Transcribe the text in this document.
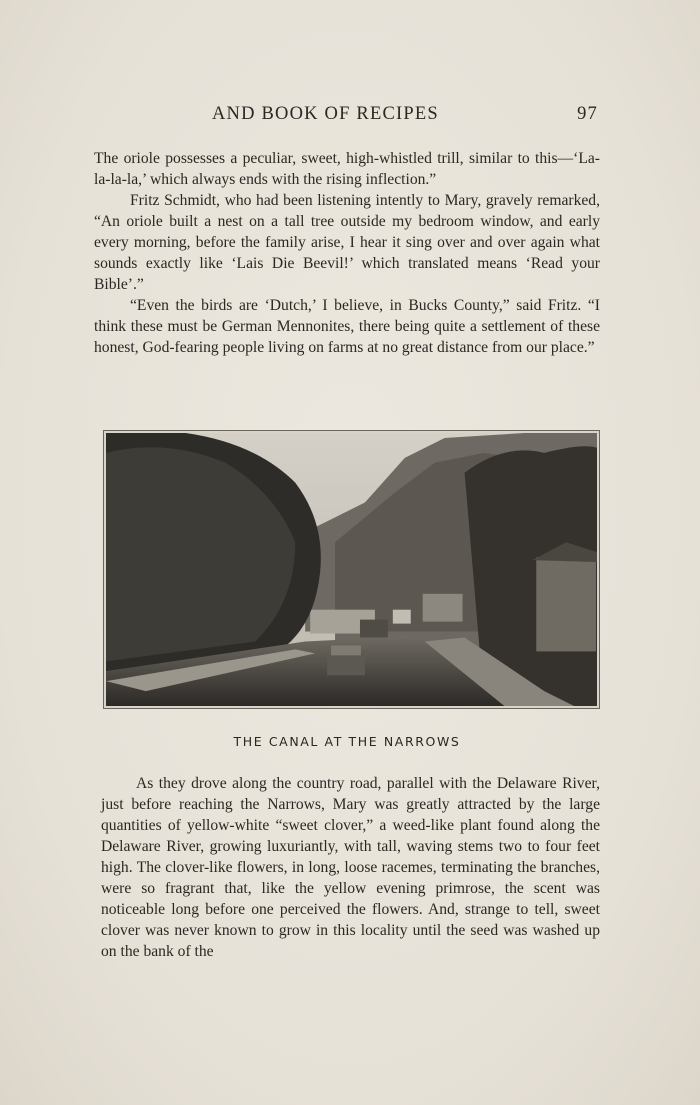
AND BOOK OF RECIPES	97

The oriole possesses a peculiar, sweet, high-whistled trill, similar to this—‘La-la-la-la,’ which always ends with the rising inflection.”

Fritz Schmidt, who had been listening intently to Mary, gravely remarked, “An oriole built a nest on a tall tree outside my bedroom window, and early every morning, before the family arise, I hear it sing over and over again what sounds exactly like ‘Lais Die Beevil!’ which translated means ‘Read your Bible’.”

“Even the birds are ‘Dutch,’ I believe, in Bucks County,” said Fritz. “I think these must be German Mennonites, there being quite a settlement of these honest, God-fearing people living on farms at no great distance from our place.”

THE CANAL AT THE NARROWS

As they drove along the country road, parallel with the Delaware River, just before reaching the Narrows, Mary was greatly attracted by the large quantities of yellow-white “sweet clover,” a weed-like plant found along the Delaware River, growing luxuriantly, with tall, waving stems two to four feet high. The clover-like flowers, in long, loose racemes, terminating the branches, were so fragrant that, like the yellow evening primrose, the scent was noticeable long before one perceived the flowers. And, strange to tell, sweet clover was never known to grow in this locality until the seed was washed up on the bank of the
